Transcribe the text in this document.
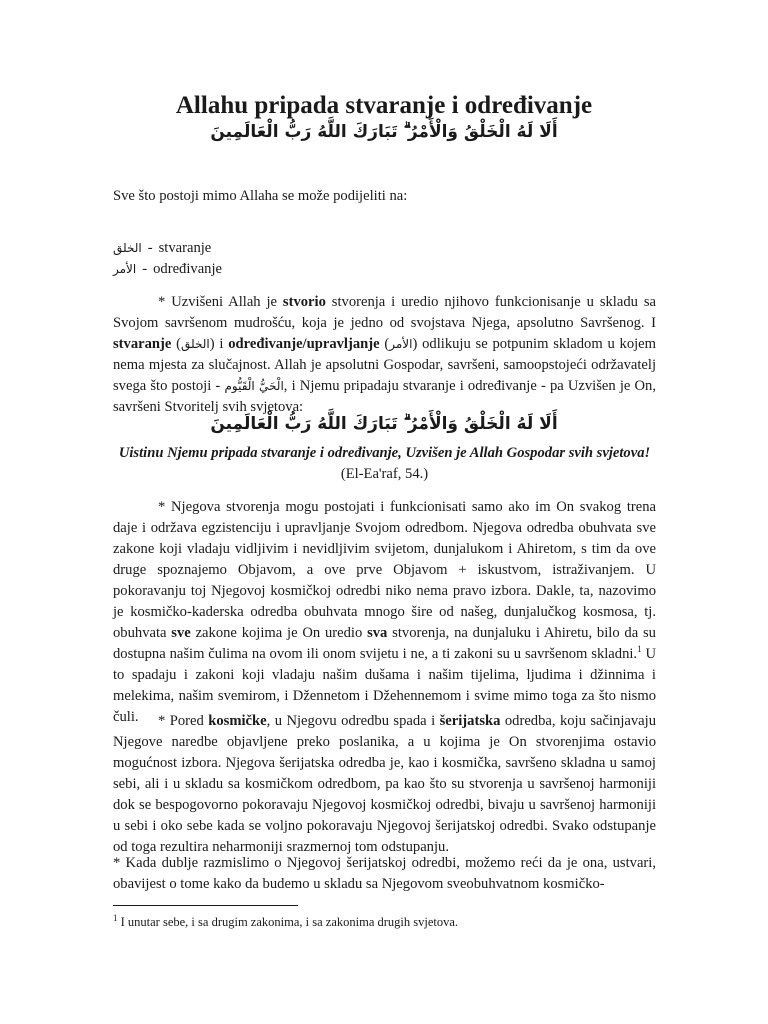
Allahu pripada stvaranje i određivanje
أَلَا لَهُ الْخَلْقُ وَالْأَمْرُ ۗ تَبَارَكَ اللَّهُ رَبُّ الْعَالَمِينَ

Sve što postoji mimo Allaha se može podijeliti na:

الخلق - stvaranje
الأمر - određivanje

* Uzvišeni Allah je stvorio stvorenja i uredio njihovo funkcionisanje u skladu sa Svojom savršenom mudrošću, koja je jedno od svojstava Njega, apsolutno Savršenog. I stvaranje (الخلق) i određivanje/upravljanje (الأمر) odlikuju se potpunim skladom u kojem nema mjesta za slučajnost. Allah je apsolutni Gospodar, savršeni, samoopstojeći održavatelj svega što postoji - الْحَيُّ الْقَيُّوم, i Njemu pripadaju stvaranje i određivanje - pa Uzvišen je On, savršeni Stvoritelj svih svjetova:

أَلَا لَهُ الْخَلْقُ وَالْأَمْرُ ۗ تَبَارَكَ اللَّهُ رَبُّ الْعَالَمِينَ

Uistinu Njemu pripada stvaranje i određivanje, Uzvišen je Allah Gospodar svih svjetova! (El-Ea'raf, 54.)

* Njegova stvorenja mogu postojati i funkcionisati samo ako im On svakog trena daje i održava egzistenciju i upravljanje Svojom odredbom. Njegova odredba obuhvata sve zakone koji vladaju vidljivim i nevidljivim svijetom, dunjalukom i Ahiretom, s tim da ove druge spoznajemo Objavom, a ove prve Objavom + iskustvom, istraživanjem. U pokoravanju toj Njegovoj kosmičkoj odredbi niko nema pravo izbora. Dakle, ta, nazovimo je kosmičko-kaderska odredba obuhvata mnogo šire od našeg, dunjalučkog kosmosa, tj. obuhvata sve zakone kojima je On uredio sva stvorenja, na dunjaluku i Ahiretu, bilo da su dostupna našim čulima na ovom ili onom svijetu i ne, a ti zakoni su u savršenom skladni.$^1$ U to spadaju i zakoni koji vladaju našim dušama i našim tijelima, ljudima i džinnima i melekima, našim svemirom, i Džennetom i Džehennemom i svime mimo toga za što nismo čuli.	* Pored kosmičke, u Njegovu odredbu spada i šerijatska odredba, koju sačinjavaju Njegove naredbe objavljene preko poslanika, a u kojima je On stvorenjima ostavio mogućnost izbora. Njegova šerijatska odredba je, kao i kosmička, savršeno skladna u samoj sebi, ali i u skladu sa kosmičkom odredbom, pa kao što su stvorenja u savršenoj harmoniji dok se bespogovorno pokoravaju Njegovoj kosmičkoj odredbi, bivaju u savršenoj harmoniji u sebi i oko sebe kada se voljno pokoravaju Njegovoj šerijatskoj odredbi. Svako odstupanje od toga rezultira neharmoniji srazmernoj tom odstupanju.

* Kada dublje razmislimo o Njegovoj šerijatskoj odredbi, možemo reći da je ona, ustvari, obavijest o tome kako da budemo u skladu sa Njegovom sveobuhvatnom kosmičko-

$^1$ I unutar sebe, i sa drugim zakonima, i sa zakonima drugih svjetova.
